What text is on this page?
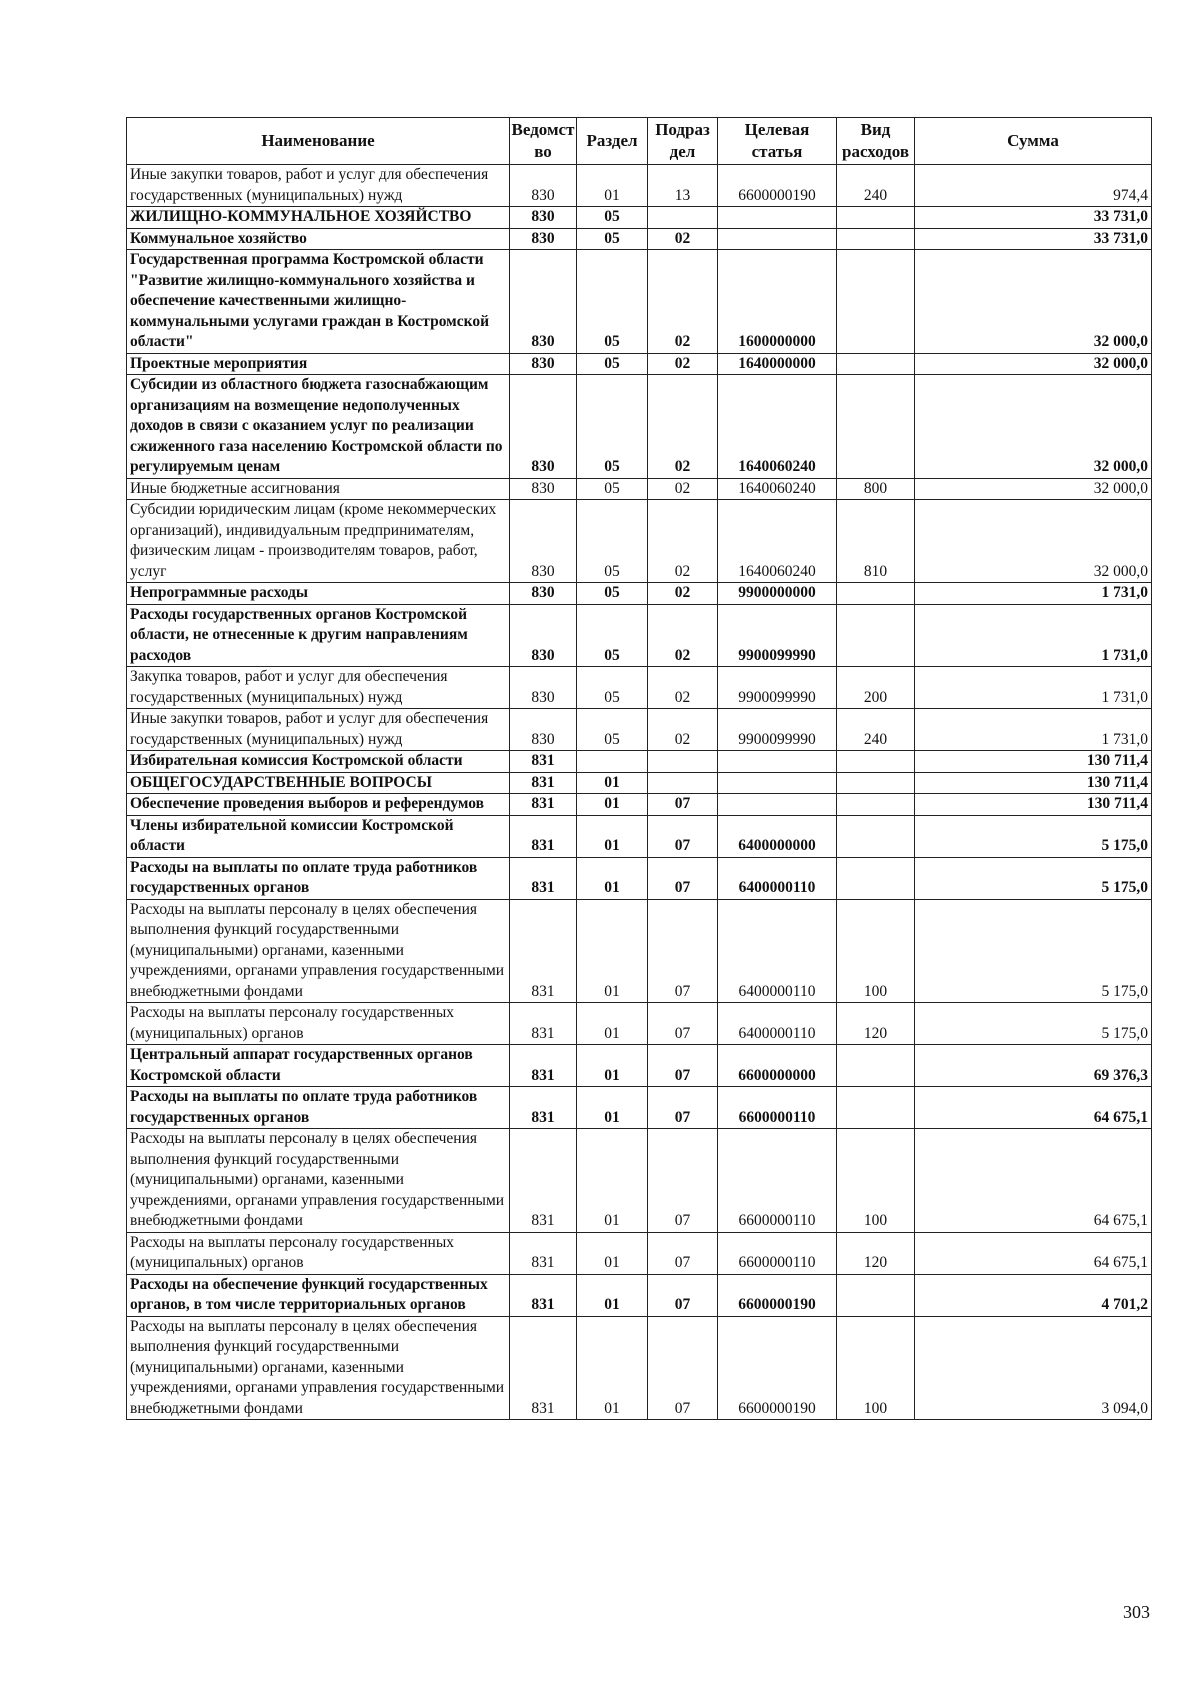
Наименование	Ведомст во	Раздел	Подраз дел	Целевая статья	Вид расходов	Сумма
Иные закупки товаров, работ и услуг для обеспечения государственных (муниципальных) нужд	830	01	13	6600000190	240	974,4
ЖИЛИЩНО-КОММУНАЛЬНОЕ ХОЗЯЙСТВО	830	05				33 731,0
Коммунальное хозяйство	830	05	02			33 731,0
Государственная программа Костромской области "Развитие жилищно-коммунального хозяйства и обеспечение качественными жилищно-коммунальными услугами граждан в Костромской области"	830	05	02	1600000000		32 000,0
Проектные мероприятия	830	05	02	1640000000		32 000,0
Субсидии из областного бюджета газоснабжающим организациям на возмещение недополученных доходов в связи с оказанием услуг по реализации сжиженного газа населению Костромской области по регулируемым ценам	830	05	02	1640060240		32 000,0
Иные бюджетные ассигнования	830	05	02	1640060240	800	32 000,0
Субсидии юридическим лицам (кроме некоммерческих организаций), индивидуальным предпринимателям, физическим лицам - производителям товаров, работ, услуг	830	05	02	1640060240	810	32 000,0
Непрограммные расходы	830	05	02	9900000000		1 731,0
Расходы государственных органов Костромской области, не отнесенные к другим направлениям расходов	830	05	02	9900099990		1 731,0
Закупка товаров, работ и услуг для обеспечения государственных (муниципальных) нужд	830	05	02	9900099990	200	1 731,0
Иные закупки товаров, работ и услуг для обеспечения государственных (муниципальных) нужд	830	05	02	9900099990	240	1 731,0
Избирательная комиссия Костромской области	831					130 711,4
ОБЩЕГОСУДАРСТВЕННЫЕ ВОПРОСЫ	831	01				130 711,4
Обеспечение проведения выборов и референдумов	831	01	07			130 711,4
Члены избирательной комиссии Костромской области	831	01	07	6400000000		5 175,0
Расходы на выплаты по оплате труда работников государственных органов	831	01	07	6400000110		5 175,0
Расходы на выплаты персоналу в целях обеспечения выполнения функций государственными (муниципальными) органами, казенными учреждениями, органами управления государственными внебюджетными фондами	831	01	07	6400000110	100	5 175,0
Расходы на выплаты персоналу государственных (муниципальных) органов	831	01	07	6400000110	120	5 175,0
Центральный аппарат государственных органов Костромской области	831	01	07	6600000000		69 376,3
Расходы на выплаты по оплате труда работников государственных органов	831	01	07	6600000110		64 675,1
Расходы на выплаты персоналу в целях обеспечения выполнения функций государственными (муниципальными) органами, казенными учреждениями, органами управления государственными внебюджетными фондами	831	01	07	6600000110	100	64 675,1
Расходы на выплаты персоналу государственных (муниципальных) органов	831	01	07	6600000110	120	64 675,1
Расходы на обеспечение функций государственных органов, в том числе территориальных органов	831	01	07	6600000190		4 701,2
Расходы на выплаты персоналу в целях обеспечения выполнения функций государственными (муниципальными) органами, казенными учреждениями, органами управления государственными внебюджетными фондами	831	01	07	6600000190	100	3 094,0
303
